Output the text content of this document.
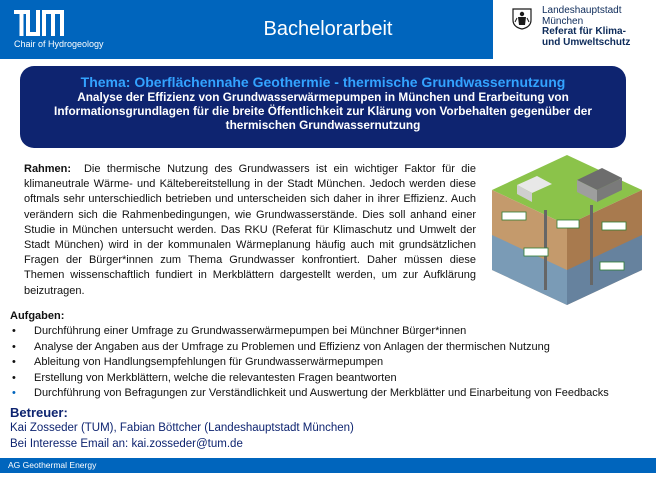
Chair of Hydrogeology
Bachelorarbeit
Landeshauptstadt
München
Referat für Klima-
und Umweltschutz
Thema: Oberflächennahe Geothermie - thermische Grundwassernutzung
Analyse der Effizienz von Grundwasserwärmepumpen in München und Erarbeitung von
Informationsgrundlagen für die breite Öffentlichkeit zur Klärung von Vorbehalten gegenüber der
thermischen Grundwassernutzung
Rahmen: Die thermische Nutzung des Grundwassers ist ein wichtiger Faktor für die klimaneutrale Wärme- und Kältebereitstellung in der Stadt München. Jedoch werden diese oftmals sehr unterschiedlich betrieben und unterscheiden sich daher in ihrer Effizienz. Auch verändern sich die Rahmenbedingungen, wie Grundwasserstände. Dies soll anhand einer Studie in München untersucht werden. Das RKU (Referat für Klimaschutz und Umwelt der Stadt München) wird in der kommunalen Wärmeplanung häufig auch mit grundsätzlichen Fragen der Bürger*innen zum Thema Grundwasser konfrontiert. Daher müssen diese Themen wissenschaftlich fundiert in Merkblättern dargestellt werden, um zur Aufklärung beizutragen.
Aufgaben:
• Durchführung einer Umfrage zu Grundwasserwärmepumpen bei Münchner Bürger*innen
• Analyse der Angaben aus der Umfrage zu Problemen und Effizienz von Anlagen der thermischen Nutzung
• Ableitung von Handlungsempfehlungen für Grundwasserwärmepumpen
• Erstellung von Merkblättern, welche die relevantesten Fragen beantworten
• Durchführung von Befragungen zur Verständlichkeit und Auswertung der Merkblätter und Einarbeitung von Feedbacks
Betreuer:
Kai Zosseder (TUM), Fabian Böttcher (Landeshauptstadt München)
Bei Interesse Email an: kai.zosseder@tum.de
AG Geothermal Energy
